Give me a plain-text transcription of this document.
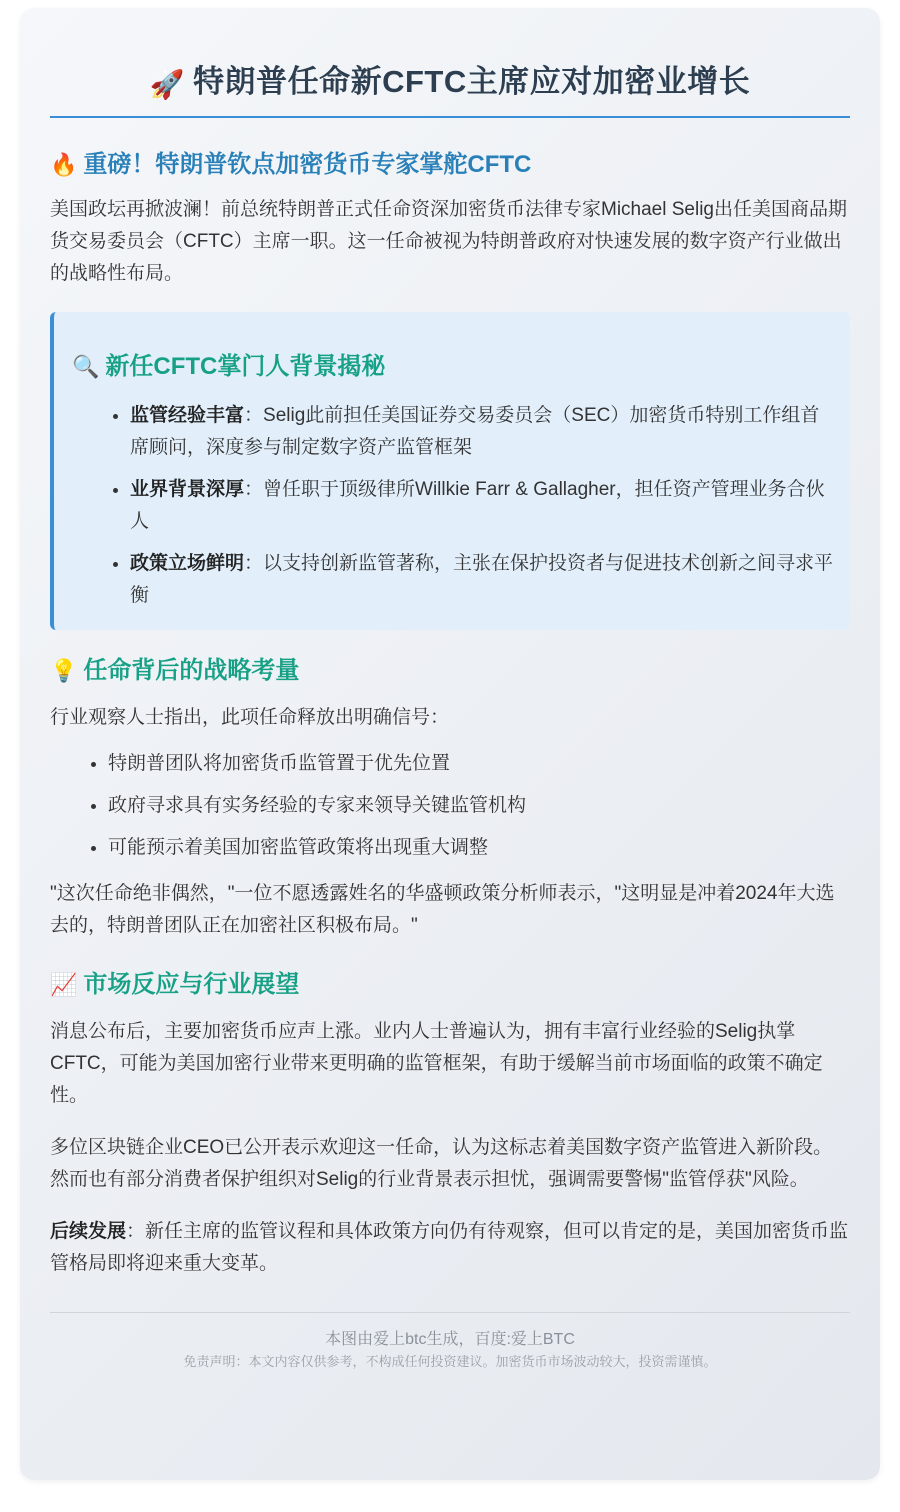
🚀 特朗普任命新CFTC主席应对加密业增长
🔥 重磅！特朗普钦点加密货币专家掌舵CFTC

美国政坛再掀波澜！前总统特朗普正式任命资深加密货币法律专家Michael Selig出任美国商品期货交易委员会（CFTC）主席一职。这一任命被视为特朗普政府对快速发展的数字资产行业做出的战略性布局。

🔍 新任CFTC掌门人背景揭秘
• 监管经验丰富：Selig此前担任美国证券交易委员会（SEC）加密货币特别工作组首席顾问，深度参与制定数字资产监管框架
• 业界背景深厚：曾任职于顶级律所Willkie Farr & Gallagher，担任资产管理业务合伙人
• 政策立场鲜明：以支持创新监管著称，主张在保护投资者与促进技术创新之间寻求平衡
💡 任命背后的战略考量

行业观察人士指出，此项任命释放出明确信号：

• 特朗普团队将加密货币监管置于优先位置
• 政府寻求具有实务经验的专家来领导关键监管机构
• 可能预示着美国加密监管政策将出现重大调整

"这次任命绝非偶然，"一位不愿透露姓名的华盛顿政策分析师表示，"这明显是冲着2024年大选去的，特朗普团队正在加密社区积极布局。"

📈 市场反应与行业展望

消息公布后，主要加密货币应声上涨。业内人士普遍认为，拥有丰富行业经验的Selig执掌CFTC，可能为美国加密行业带来更明确的监管框架，有助于缓解当前市场面临的政策不确定性。

多位区块链企业CEO已公开表示欢迎这一任命，认为这标志着美国数字资产监管进入新阶段。然而也有部分消费者保护组织对Selig的行业背景表示担忧，强调需要警惕"监管俘获"风险。

后续发展：新任主席的监管议程和具体政策方向仍有待观察，但可以肯定的是，美国加密货币监管格局即将迎来重大变革。

本图由爱上btc生成，百度:爱上BTC
免责声明：本文内容仅供参考，不构成任何投资建议。加密货币市场波动较大，投资需谨慎。
